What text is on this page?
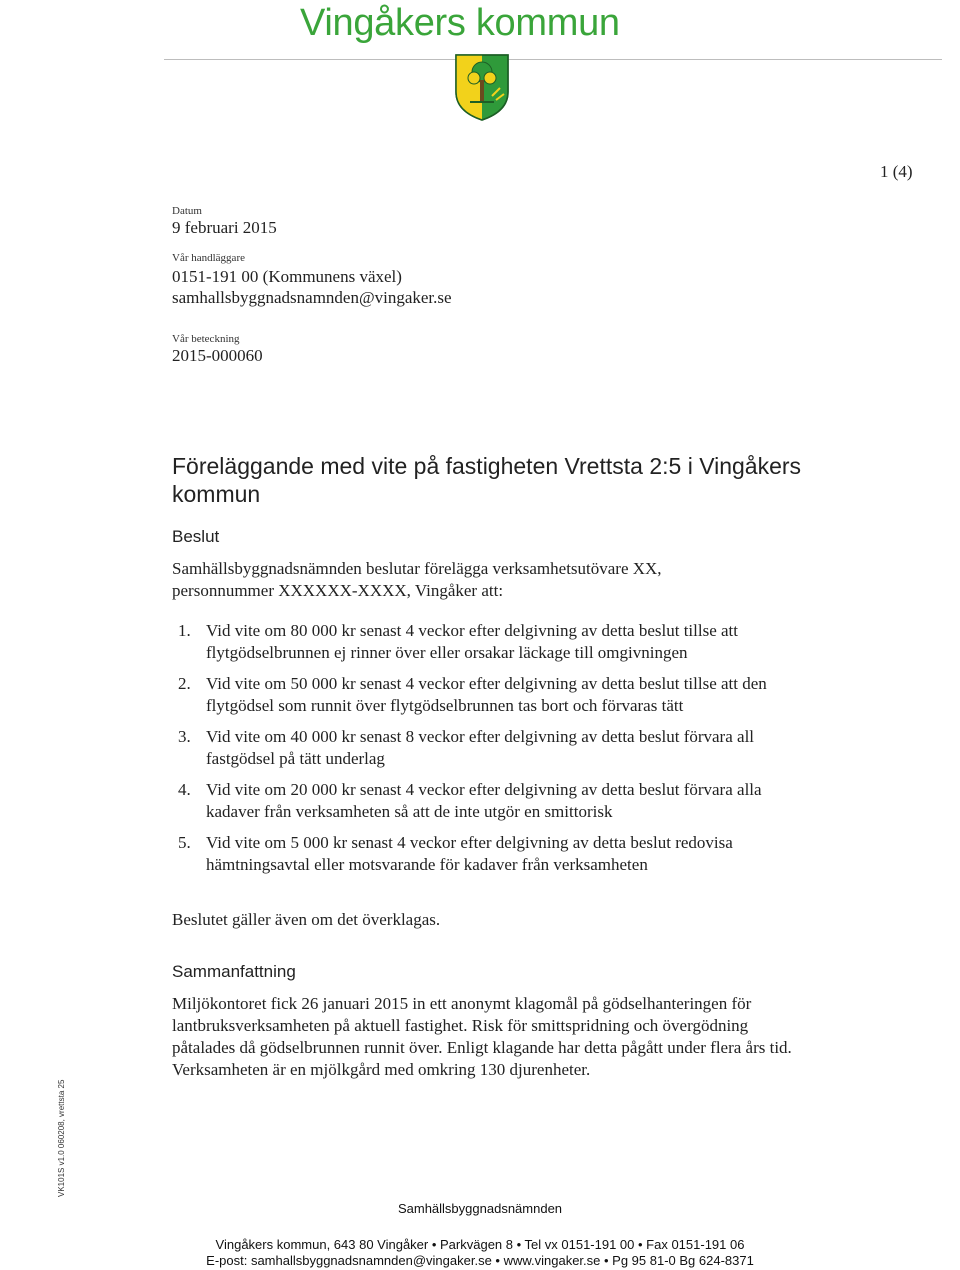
Vingåkers kommun
1 (4)
Datum
9 februari 2015
Vår handläggare
0151-191 00 (Kommunens växel)
samhallsbyggnadsnamnden@vingaker.se
Vår beteckning
2015-000060
Föreläggande med vite på fastigheten Vrettsta 2:5 i Vingåkers kommun
Beslut
Samhällsbyggnadsnämnden beslutar förelägga verksamhetsutövare XX, personnummer XXXXXX-XXXX, Vingåker att:
1. Vid vite om 80 000 kr senast 4 veckor efter delgivning av detta beslut tillse att flytgödselbrunnen ej rinner över eller orsakar läckage till omgivningen
2. Vid vite om 50 000 kr senast 4 veckor efter delgivning av detta beslut tillse att den flytgödsel som runnit över flytgödselbrunnen tas bort och förvaras tätt
3. Vid vite om 40 000 kr senast 8 veckor efter delgivning av detta beslut förvara all fastgödsel på tätt underlag
4. Vid vite om 20 000 kr senast 4 veckor efter delgivning av detta beslut förvara alla kadaver från verksamheten så att de inte utgör en smittorisk
5. Vid vite om 5 000 kr senast 4 veckor efter delgivning av detta beslut redovisa hämtningsavtal eller motsvarande för kadaver från verksamheten
Beslutet gäller även om det överklagas.
Sammanfattning
Miljökontoret fick 26 januari 2015 in ett anonymt klagomål på gödselhanteringen för lantbruksverksamheten på aktuell fastighet. Risk för smittspridning och övergödning påtalades då gödselbrunnen runnit över. Enligt klagande har detta pågått under flera års tid. Verksamheten är en mjölkgård med omkring 130 djurenheter.
VK101S v1.0 060208, vrettsta 25
Samhällsbyggnadsnämnden
Vingåkers kommun, 643 80 Vingåker • Parkvägen 8 • Tel vx 0151-191 00 • Fax 0151-191 06
E-post: samhallsbyggnadsnamnden@vingaker.se • www.vingaker.se • Pg 95 81-0 Bg 624-8371
